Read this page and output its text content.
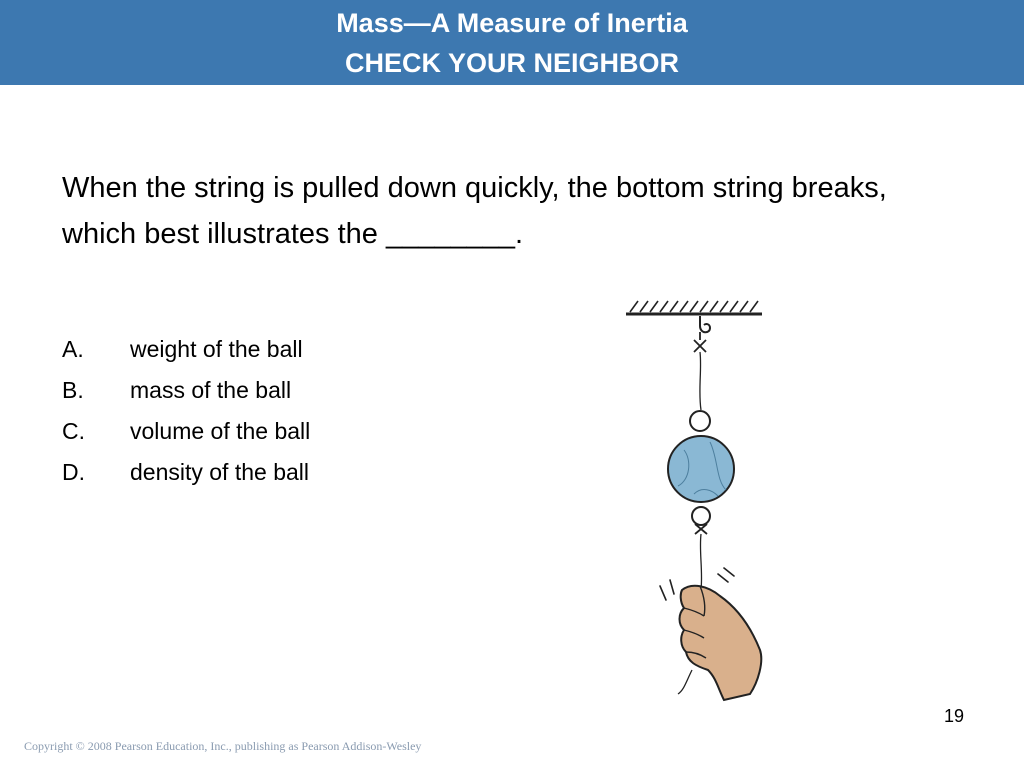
Mass—A Measure of Inertia
CHECK YOUR NEIGHBOR
When the string is pulled down quickly, the bottom string breaks, which best illustrates the ________.
A. weight of the ball
B. mass of the ball
C. volume of the ball
D. density of the ball
19
Copyright © 2008 Pearson Education, Inc., publishing as Pearson Addison-Wesley
